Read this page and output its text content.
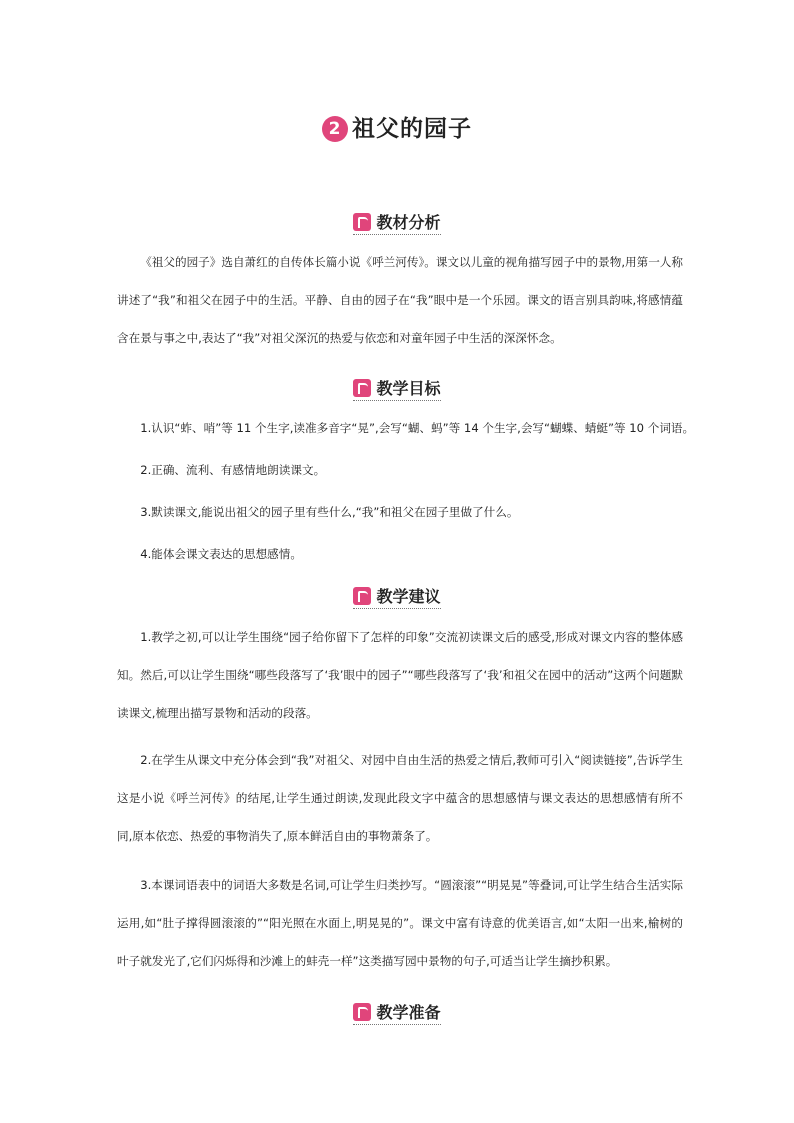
2 祖父的园子
教材分析

《祖父的园子》选自萧红的自传体长篇小说《呼兰河传》。课文以儿童的视角描写园子中的景物,用第一人称讲述了“我”和祖父在园子中的生活。平静、自由的园子在“我”眼中是一个乐园。课文的语言别具韵味,将感情蕴含在景与事之中,表达了“我”对祖父深沉的热爱与依恋和对童年园子中生活的深深怀念。

教学目标

1.认识“蚱、哨”等 11 个生字,读准多音字“晃”,会写“蝴、蚂”等 14 个生字,会写“蝴蝶、蜻蜓”等 10 个词语。

2.正确、流利、有感情地朗读课文。

3.默读课文,能说出祖父的园子里有些什么,“我”和祖父在园子里做了什么。

4.能体会课文表达的思想感情。

教学建议

1.教学之初,可以让学生围绕“园子给你留下了怎样的印象”交流初读课文后的感受,形成对课文内容的整体感知。然后,可以让学生围绕“哪些段落写了‘我’眼中的园子”“哪些段落写了‘我’和祖父在园中的活动”这两个问题默读课文,梳理出描写景物和活动的段落。

2.在学生从课文中充分体会到“我”对祖父、对园中自由生活的热爱之情后,教师可引入“阅读链接”,告诉学生这是小说《呼兰河传》的结尾,让学生通过朗读,发现此段文字中蕴含的思想感情与课文表达的思想感情有所不同,原本依恋、热爱的事物消失了,原本鲜活自由的事物萧条了。

3.本课词语表中的词语大多数是名词,可让学生归类抄写。“圆滚滚”“明晃晃”等叠词,可让学生结合生活实际运用,如“肚子撑得圆滚滚的”“阳光照在水面上,明晃晃的”。课文中富有诗意的优美语言,如“太阳一出来,榆树的叶子就发光了,它们闪烁得和沙滩上的蚌壳一样”这类描写园中景物的句子,可适当让学生摘抄积累。

教学准备
